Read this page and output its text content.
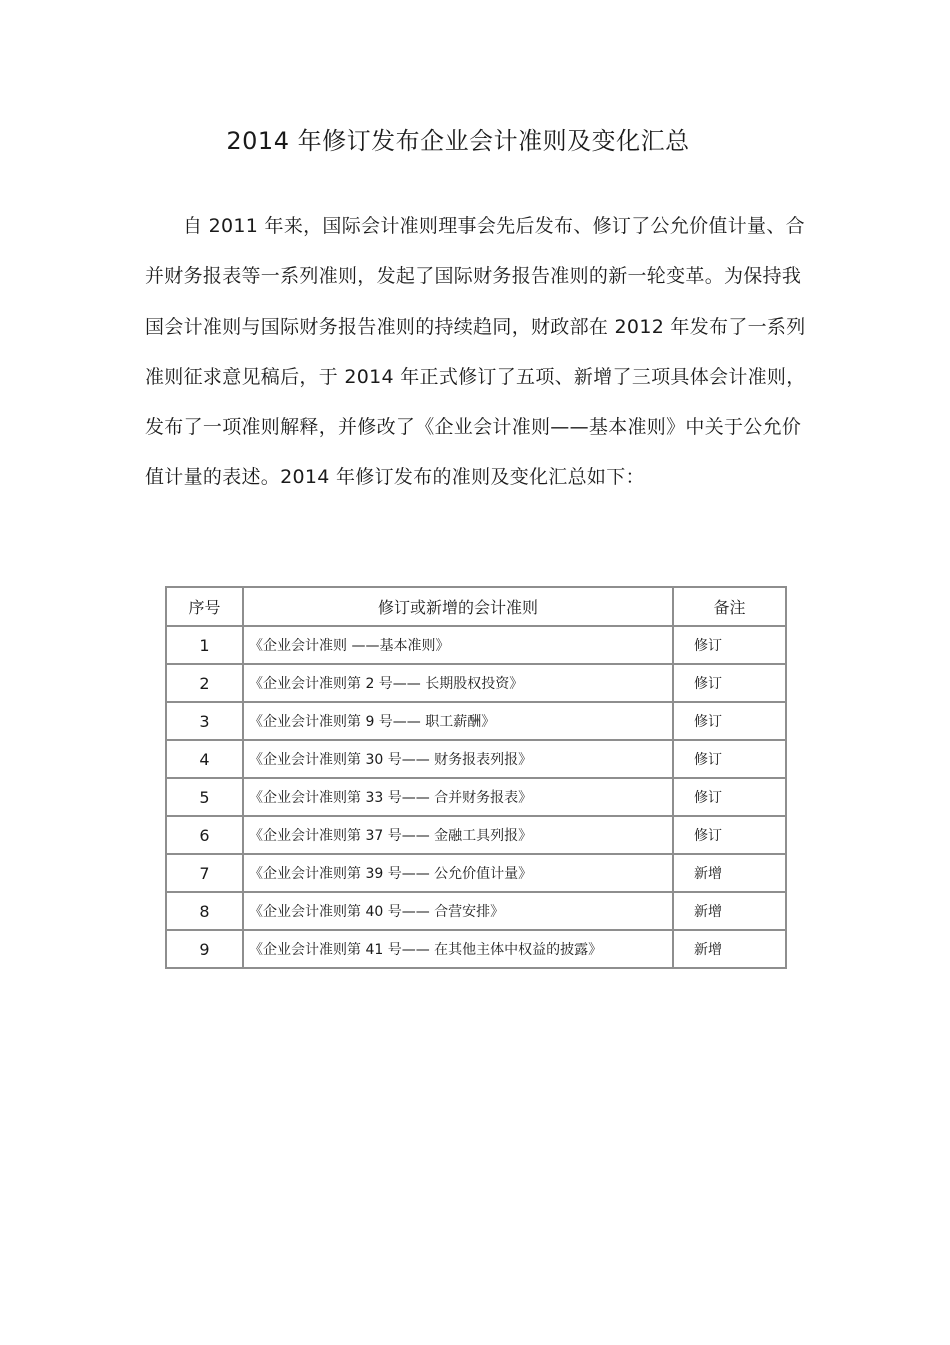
2014 年修订发布企业会计准则及变化汇总

自 2011 年来，国际会计准则理事会先后发布、修订了公允价值计量、合并财务报表等一系列准则，发起了国际财务报告准则的新一轮变革。为保持我国会计准则与国际财务报告准则的持续趋同，财政部在 2012 年发布了一系列准则征求意见稿后，于 2014 年正式修订了五项、新增了三项具体会计准则，发布了一项准则解释，并修改了《企业会计准则——基本准则》中关于公允价值计量的表述。2014 年修订发布的准则及变化汇总如下：

序号	修订或新增的会计准则	备注
1	《企业会计准则 ——基本准则》	修订
2	《企业会计准则第 2 号—— 长期股权投资》	修订
3	《企业会计准则第 9 号—— 职工薪酬》	修订
4	《企业会计准则第 30 号—— 财务报表列报》	修订
5	《企业会计准则第 33 号—— 合并财务报表》	修订
6	《企业会计准则第 37 号—— 金融工具列报》	修订
7	《企业会计准则第 39 号—— 公允价值计量》	新增
8	《企业会计准则第 40 号—— 合营安排》	新增
9	《企业会计准则第 41 号—— 在其他主体中权益的披露》	新增
